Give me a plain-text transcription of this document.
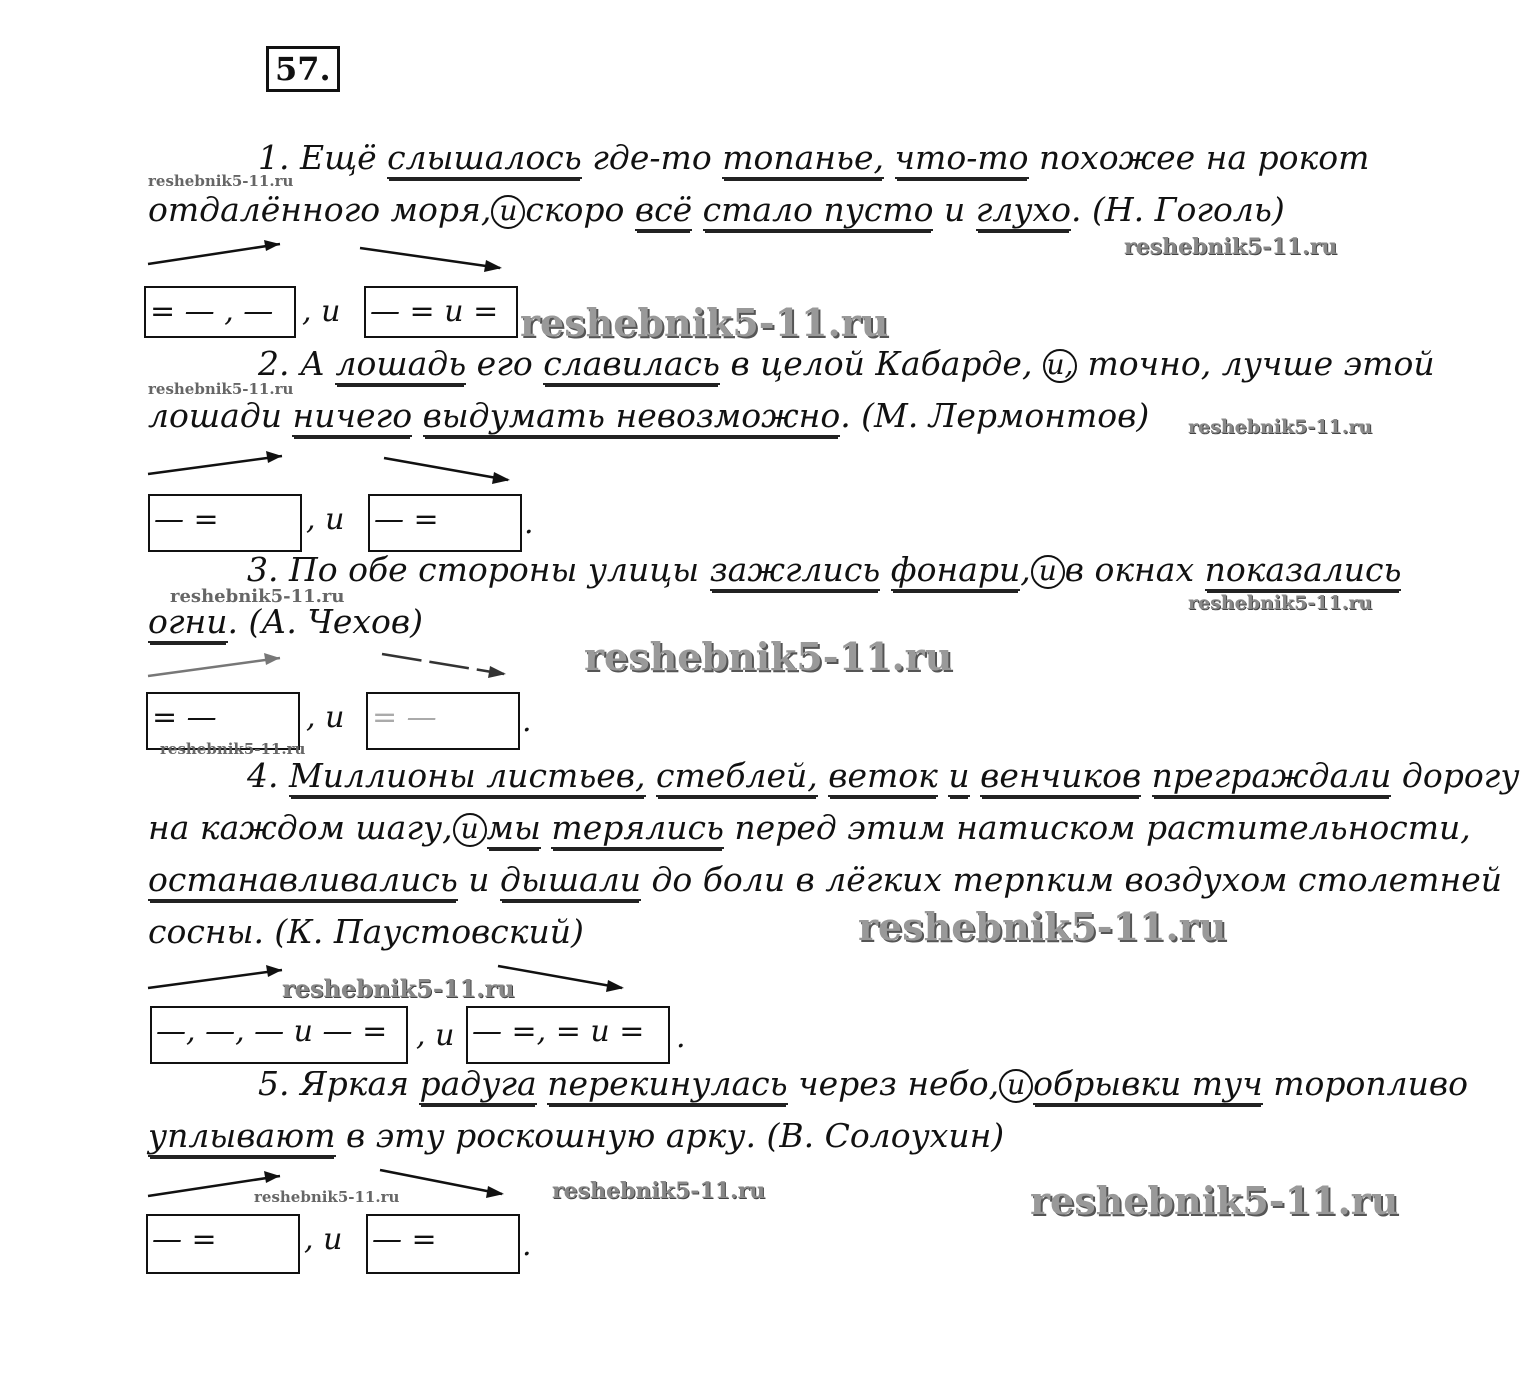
57.
1. Ещё слышалось где-то топанье, что-то похожее на рокот
отдалённого моря, и скоро всё стало пусто и глухо. (Н. Гоголь)
= — , — , и — = и =
2. А лошадь его славилась в целой Кабарде, и, точно, лучше этой
лошади ничего выдумать невозможно. (М. Лермонтов)
— =	, и — =	.
3. По обе стороны улицы зажглись фонари, и в окнах показались
огни. (А. Чехов)
= —	, и = —	.
4. Миллионы листьев, стеблей, веток и венчиков преграждали дорогу
на каждом шагу, и мы терялись перед этим натиском растительности,
останавливались и дышали до боли в лёгких терпким воздухом столетней
сосны. (К. Паустовский)
—, —, — и — = , и — =, = и =	.
5. Яркая радуга перекинулась через небо, и обрывки туч торопливо
уплывают в эту роскошную арку. (В. Солоухин)
— =	, и — =	.
reshebnik5-11.ru
reshebnik5-11.ru
reshebnik5-11.ru
reshebnik5-11.ru
reshebnik5-11.ru
reshebnik5-11.ru	reshebnik5-11.ru
reshebnik5-11.ru
reshebnik5-11.ru
reshebnik5-11.ru
reshebnik5-11.ru
reshebnik5-11.ru	reshebnik5-11.ru	reshebnik5-11.ru
